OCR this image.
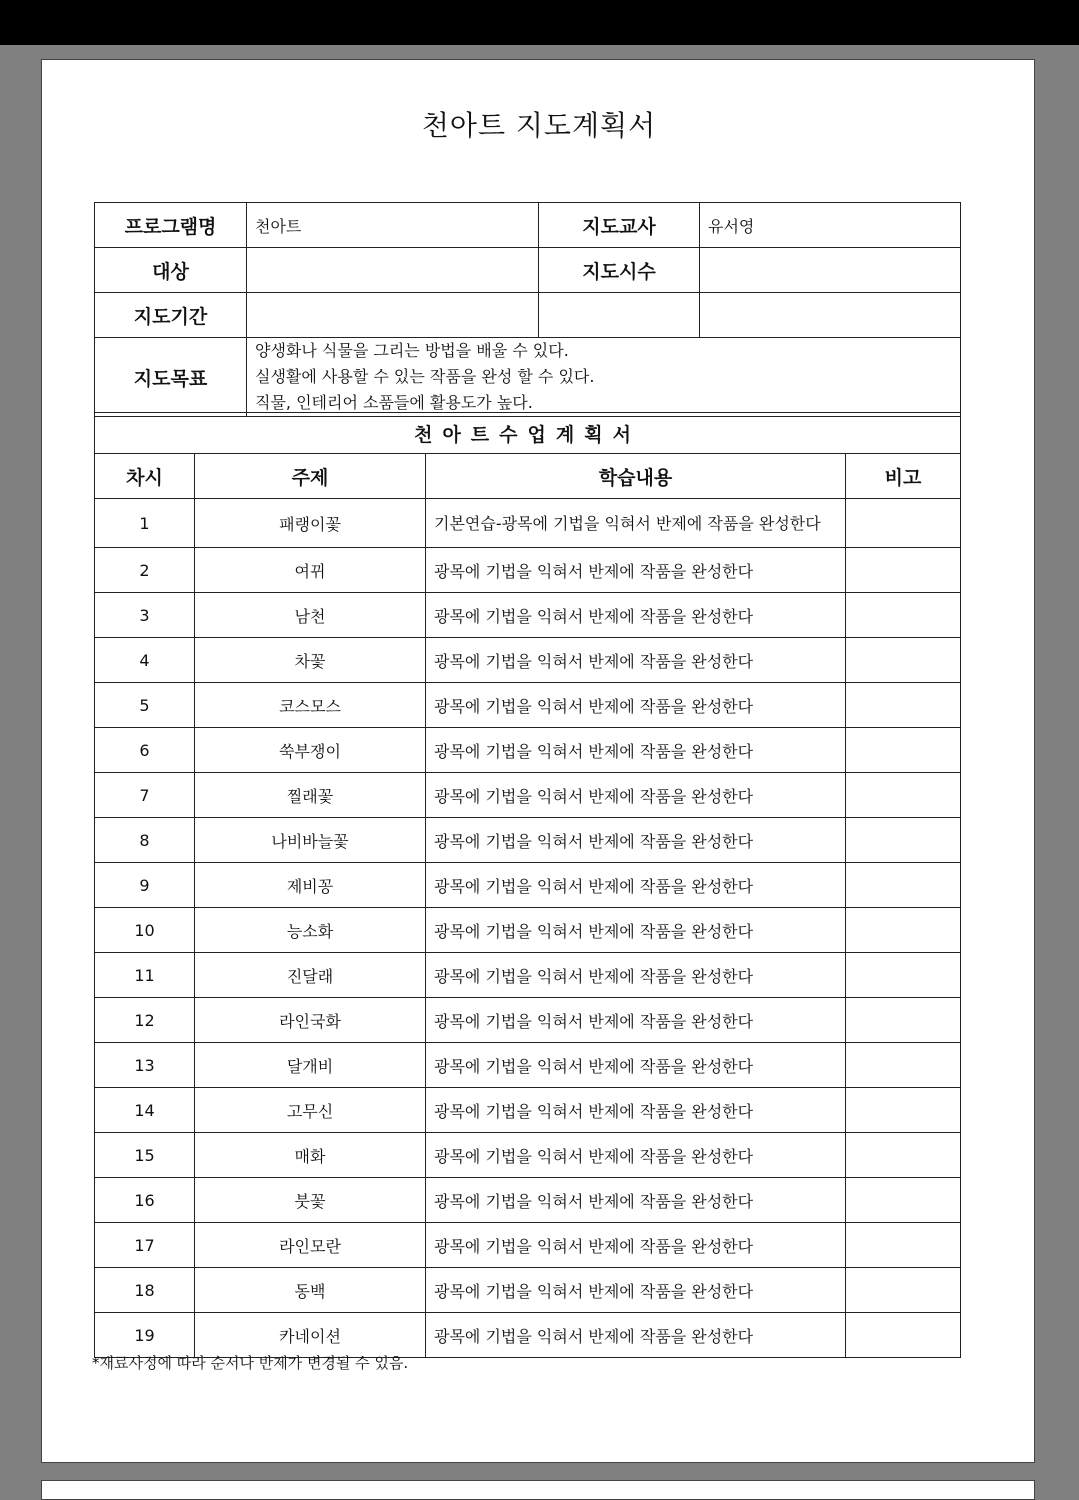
천아트 지도계획서
프로그램명	천아트	지도교사	유서영
대상		지도시수	
지도기간			
지도목표	양생화나 식물을 그리는 방법을 배울 수 있다.
실생활에 사용할 수 있는 작품을 완성 할 수 있다.
직물, 인테리어 소품들에 활용도가 높다.		
천아트수업계획서			
차시	주제	학습내용	비고
1	패랭이꽃	기본연습-광목에 기법을 익혀서 반제에 작품을 완성한다	
2	여뀌	광목에 기법을 익혀서 반제에 작품을 완성한다	
3	남천	광목에 기법을 익혀서 반제에 작품을 완성한다	
4	차꽃	광목에 기법을 익혀서 반제에 작품을 완성한다	
5	코스모스	광목에 기법을 익혀서 반제에 작품을 완성한다	
6	쑥부쟁이	광목에 기법을 익혀서 반제에 작품을 완성한다	
7	찔래꽃	광목에 기법을 익혀서 반제에 작품을 완성한다	
8	나비바늘꽃	광목에 기법을 익혀서 반제에 작품을 완성한다	
9	제비꽁	광목에 기법을 익혀서 반제에 작품을 완성한다	
10	능소화	광목에 기법을 익혀서 반제에 작품을 완성한다	
11	진달래	광목에 기법을 익혀서 반제에 작품을 완성한다	
12	라인국화	광목에 기법을 익혀서 반제에 작품을 완성한다	
13	달개비	광목에 기법을 익혀서 반제에 작품을 완성한다	
14	고무신	광목에 기법을 익혀서 반제에 작품을 완성한다	
15	매화	광목에 기법을 익혀서 반제에 작품을 완성한다	
16	붓꽃	광목에 기법을 익혀서 반제에 작품을 완성한다	
17	라인모란	광목에 기법을 익혀서 반제에 작품을 완성한다	
18	동백	광목에 기법을 익혀서 반제에 작품을 완성한다	
19	카네이션	광목에 기법을 익혀서 반제에 작품을 완성한다	
*재료사정에 따라 순서나 반제가 변경될 수 있음.
